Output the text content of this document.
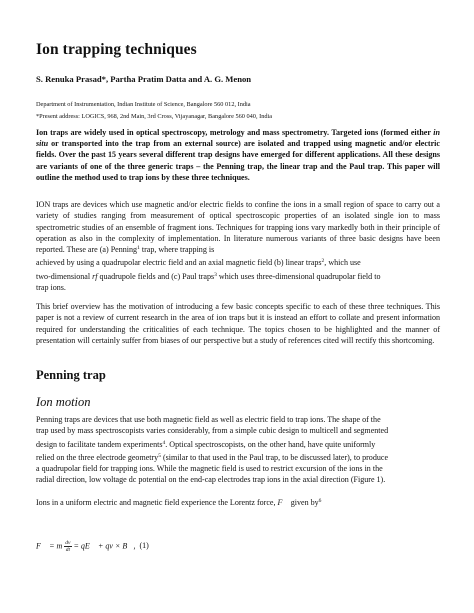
Ion trapping techniques

S. Renuka Prasad*, Partha Pratim Datta and A. G. Menon

Department of Instrumentation, Indian Institute of Science, Bangalore 560 012, India

*Present address: LOGICS, 968, 2nd Main, 3rd Cross, Vijayanagar, Bangalore 560 040, India

Ion traps are widely used in optical spectroscopy, metrology and mass spectrometry. Targeted ions (formed either in situ or transported into the trap from an external source) are isolated and trapped using magnetic and/or electric fields. Over the past 15 years several different trap designs have emerged for different applications. All these designs are variants of one of the three generic traps – the Penning trap, the linear trap and the Paul trap. This paper will outline the method used to trap ions by these three techniques.

ION traps are devices which use magnetic and/or electric fields to confine the ions in a small region of space to carry out a variety of studies ranging from measurement of optical spectroscopic properties of an isolated single ion to mass spectrometric studies of an ensemble of fragment ions. Techniques for trapping ions vary markedly both in their principle of operation as also in the complexity of implementation. In literature numerous variants of three basic designs have been reported. These are (a) Penning$^1$ trap, where trapping is
achieved by using a quadrupolar electric field and an axial magnetic field (b) linear traps$^2$, which use
two-dimensional rf quadrupole fields and (c) Paul traps$^3$ which uses three-dimensional quadrupolar field to
trap ions.

This brief overview has the motivation of introducing a few basic concepts specific to each of these three techniques. This paper is not a review of current research in the area of ion traps but it is instead an effort to collate and present information required for understanding the criticalities of each technique. The topics chosen to be highlighted and the manner of presentation will certainly suffer from biases of our perspective but a study of references cited will rectify this shortcoming.

Penning trap
Ion motion
Penning traps are devices that use both magnetic field as well as electric field to trap ions. The shape of the
trap used by mass spectroscopists varies considerably, from a simple cubic design to multicell and segmented
design to facilitate tandem experiments$^4$. Optical spectroscopists, on the other hand, have quite uniformly
relied on the three electrode geometry$^5$ (similar to that used in the Paul trap, to be discussed later), to produce
a quadrupolar field for trapping ions. While the magnetic field is used to restrict excursion of the ions in the
radial direction, low voltage dc potential on the end-cap electrodes trap ions in the axial direction (Figure 1).
Ions in a uniform electric and magnetic field experience the Lorentz force, F⃗ given $by^6$
F⃗ = m $\frac{dv}{dt}$ = qE⃗ + qv × B⃗, (1)
